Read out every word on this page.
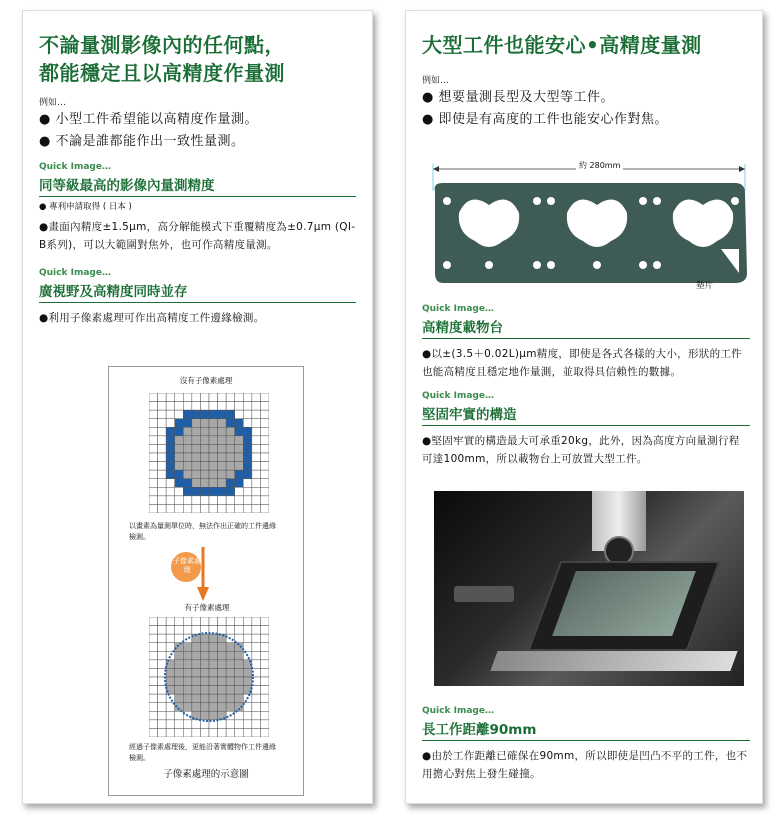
不論量測影像內的任何點，
都能穩定且以高精度作量測
例如…
● 小型工件希望能以高精度作量測。
● 不論是誰都能作出一致性量測。
Quick Image…
同等級最高的影像內量測精度
● 專利申請取得 ( 日本 )
●畫面內精度±1.5μm，高分解能模式下重覆精度為±0.7μm (QI-B系列)，可以大範圍對焦外，也可作高精度量測。
Quick Image…
廣視野及高精度同時並存
●利用子像素處理可作出高精度工件邊緣檢測。
沒有子像素處理
以畫素為量測單位時，無法作出正確的工件邊緣檢測。
子像素處理
有子像素處理
經過子像素處理後，更能沿著實體物作工件邊緣檢測。
子像素處理的示意圖
大型工件也能安心•高精度量測
例如…
● 想要量測長型及大型等工件。
● 即使是有高度的工件也能安心作對焦。
約 280mm
墊片
Quick Image…
高精度載物台
●以±(3.5＋0.02L)μm精度，即使是各式各樣的大小，形狀的工件也能高精度且穩定地作量測，並取得具信賴性的數據。
Quick Image…
堅固牢實的構造
●堅固牢實的構造最大可承重20kg，此外，因為高度方向量測行程可達100mm，所以載物台上可放置大型工件。
Quick Image…
長工作距離90mm
●由於工作距離已確保在90mm，所以即使是凹凸不平的工件，也不用擔心對焦上發生碰撞。
